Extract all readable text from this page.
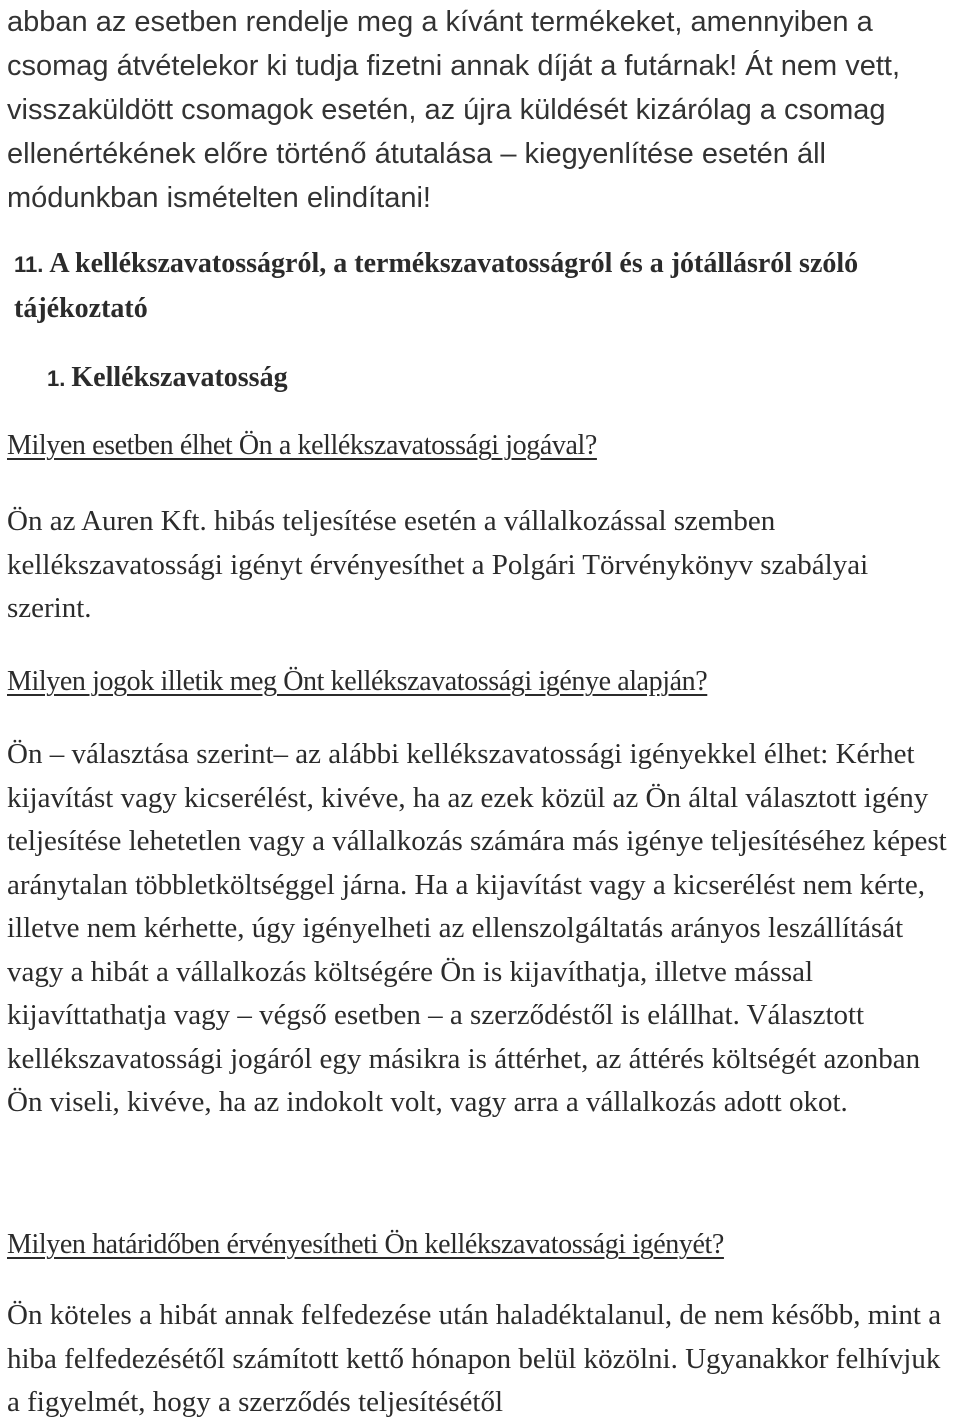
abban az esetben rendelje meg a kívánt termékeket, amennyiben a csomag átvételekor ki tudja fizetni annak díját a futárnak! Át nem vett, visszaküldött csomagok esetén, az újra küldését kizárólag a csomag ellenértékének előre történő átutalása – kiegyenlítése esetén áll módunkban ismételten elindítani!

11. A kellékszavatosságról, a termékszavatosságról és a jótállásról szóló tájékoztató
1. Kellékszavatosság

Milyen esetben élhet Ön a kellékszavatossági jogával?

Ön az Auren Kft. hibás teljesítése esetén a vállalkozással szemben kellékszavatossági igényt érvényesíthet a Polgári Törvénykönyv szabályai szerint.

Milyen jogok illetik meg Önt kellékszavatossági igénye alapján?

Ön – választása szerint– az alábbi kellékszavatossági igényekkel élhet: Kérhet kijavítást vagy kicserélést, kivéve, ha az ezek közül az Ön által választott igény teljesítése lehetetlen vagy a vállalkozás számára más igénye teljesítéséhez képest aránytalan többletköltséggel járna. Ha a kijavítást vagy a kicserélést nem kérte, illetve nem kérhette, úgy igényelheti az ellenszolgáltatás arányos leszállítását vagy a hibát a vállalkozás költségére Ön is kijavíthatja, illetve mással kijavíttathatja vagy – végső esetben – a szerződéstől is elállhat. Választott kellékszavatossági jogáról egy másikra is áttérhet, az áttérés költségét azonban Ön viseli, kivéve, ha az indokolt volt, vagy arra a vállalkozás adott okot.

Milyen határidőben érvényesítheti Ön kellékszavatossági igényét?

Ön köteles a hibát annak felfedezése után haladéktalanul, de nem később, mint a hiba felfedezésétől számított kettő hónapon belül közölni. Ugyanakkor felhívjuk a figyelmét, hogy a szerződés teljesítésétől
